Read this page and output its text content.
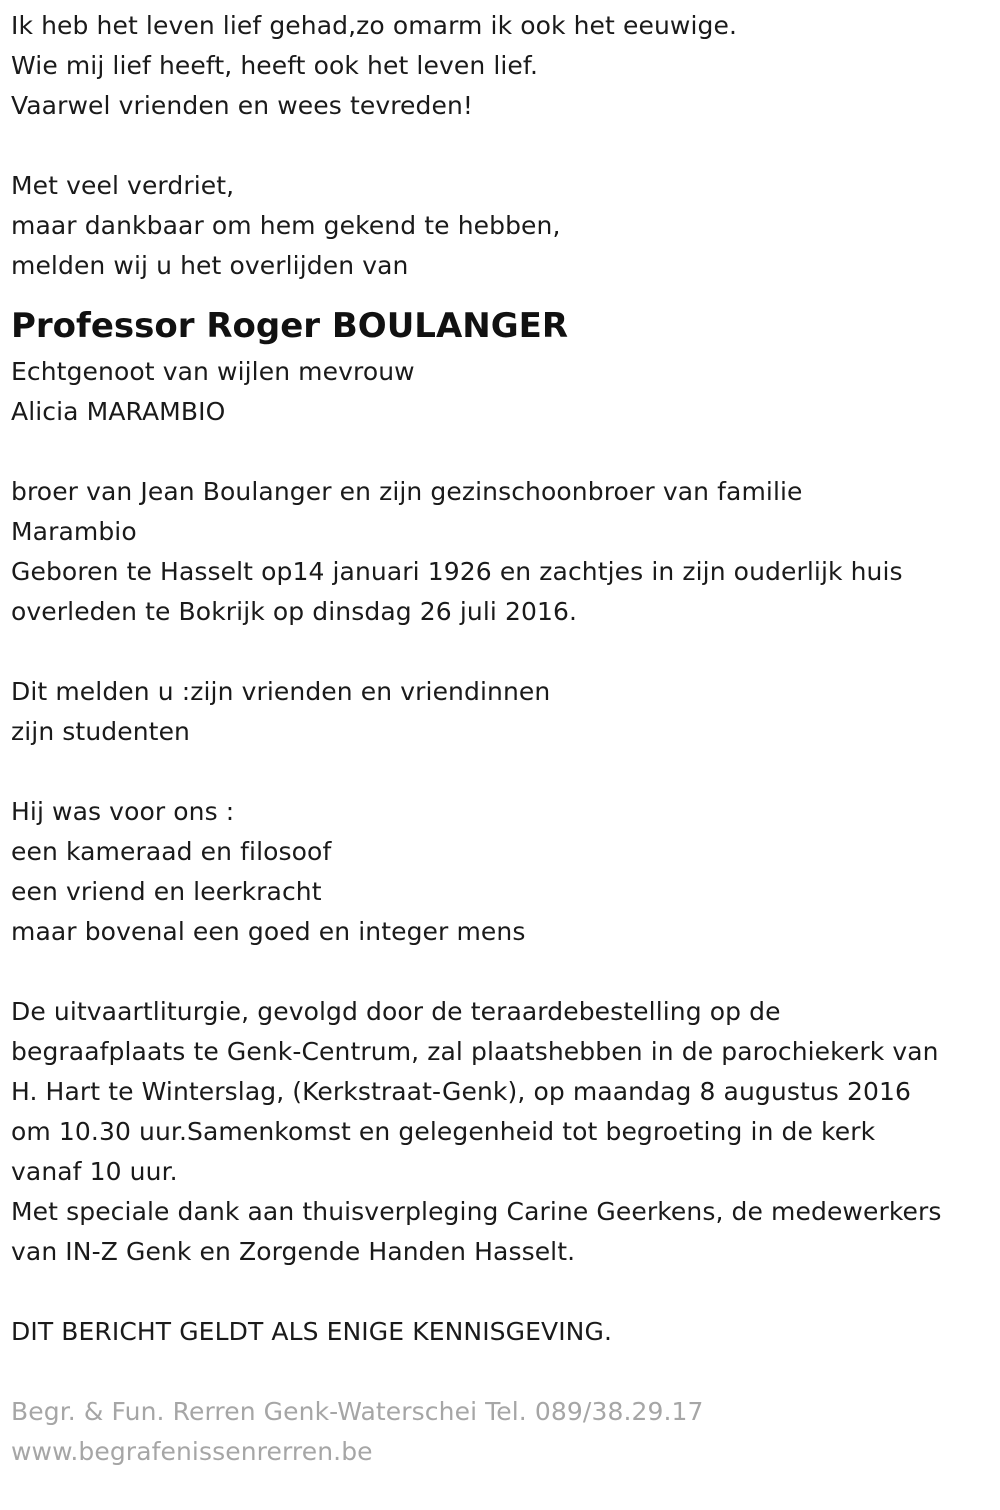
Ik heb het leven lief gehad,zo omarm ik ook het eeuwige.
Wie mij lief heeft, heeft ook het leven lief.
Vaarwel vrienden en wees tevreden!
Met veel verdriet,
maar dankbaar om hem gekend te hebben,
melden wij u het overlijden van
Professor Roger BOULANGER
Echtgenoot van wijlen mevrouw
Alicia MARAMBIO
broer van Jean Boulanger en zijn gezinschoonbroer van familie
Marambio
Geboren te Hasselt op14 januari 1926 en zachtjes in zijn ouderlijk huis
overleden te Bokrijk op dinsdag 26 juli 2016.
Dit melden u :zijn vrienden en vriendinnen
zijn studenten
Hij was voor ons :
een kameraad en filosoof
een vriend en leerkracht
maar bovenal een goed en integer mens
De uitvaartliturgie, gevolgd door de teraardebestelling op de
begraafplaats te Genk-Centrum, zal plaatshebben in de parochiekerk van
H. Hart te Winterslag, (Kerkstraat-Genk), op maandag 8 augustus 2016
om 10.30 uur.Samenkomst en gelegenheid tot begroeting in de kerk
vanaf 10 uur.
Met speciale dank aan thuisverpleging Carine Geerkens, de medewerkers
van IN-Z Genk en Zorgende Handen Hasselt.
DIT BERICHT GELDT ALS ENIGE KENNISGEVING.
Begr. & Fun. Rerren Genk-Waterschei Tel. 089/38.29.17
www.begrafenissenrerren.be
